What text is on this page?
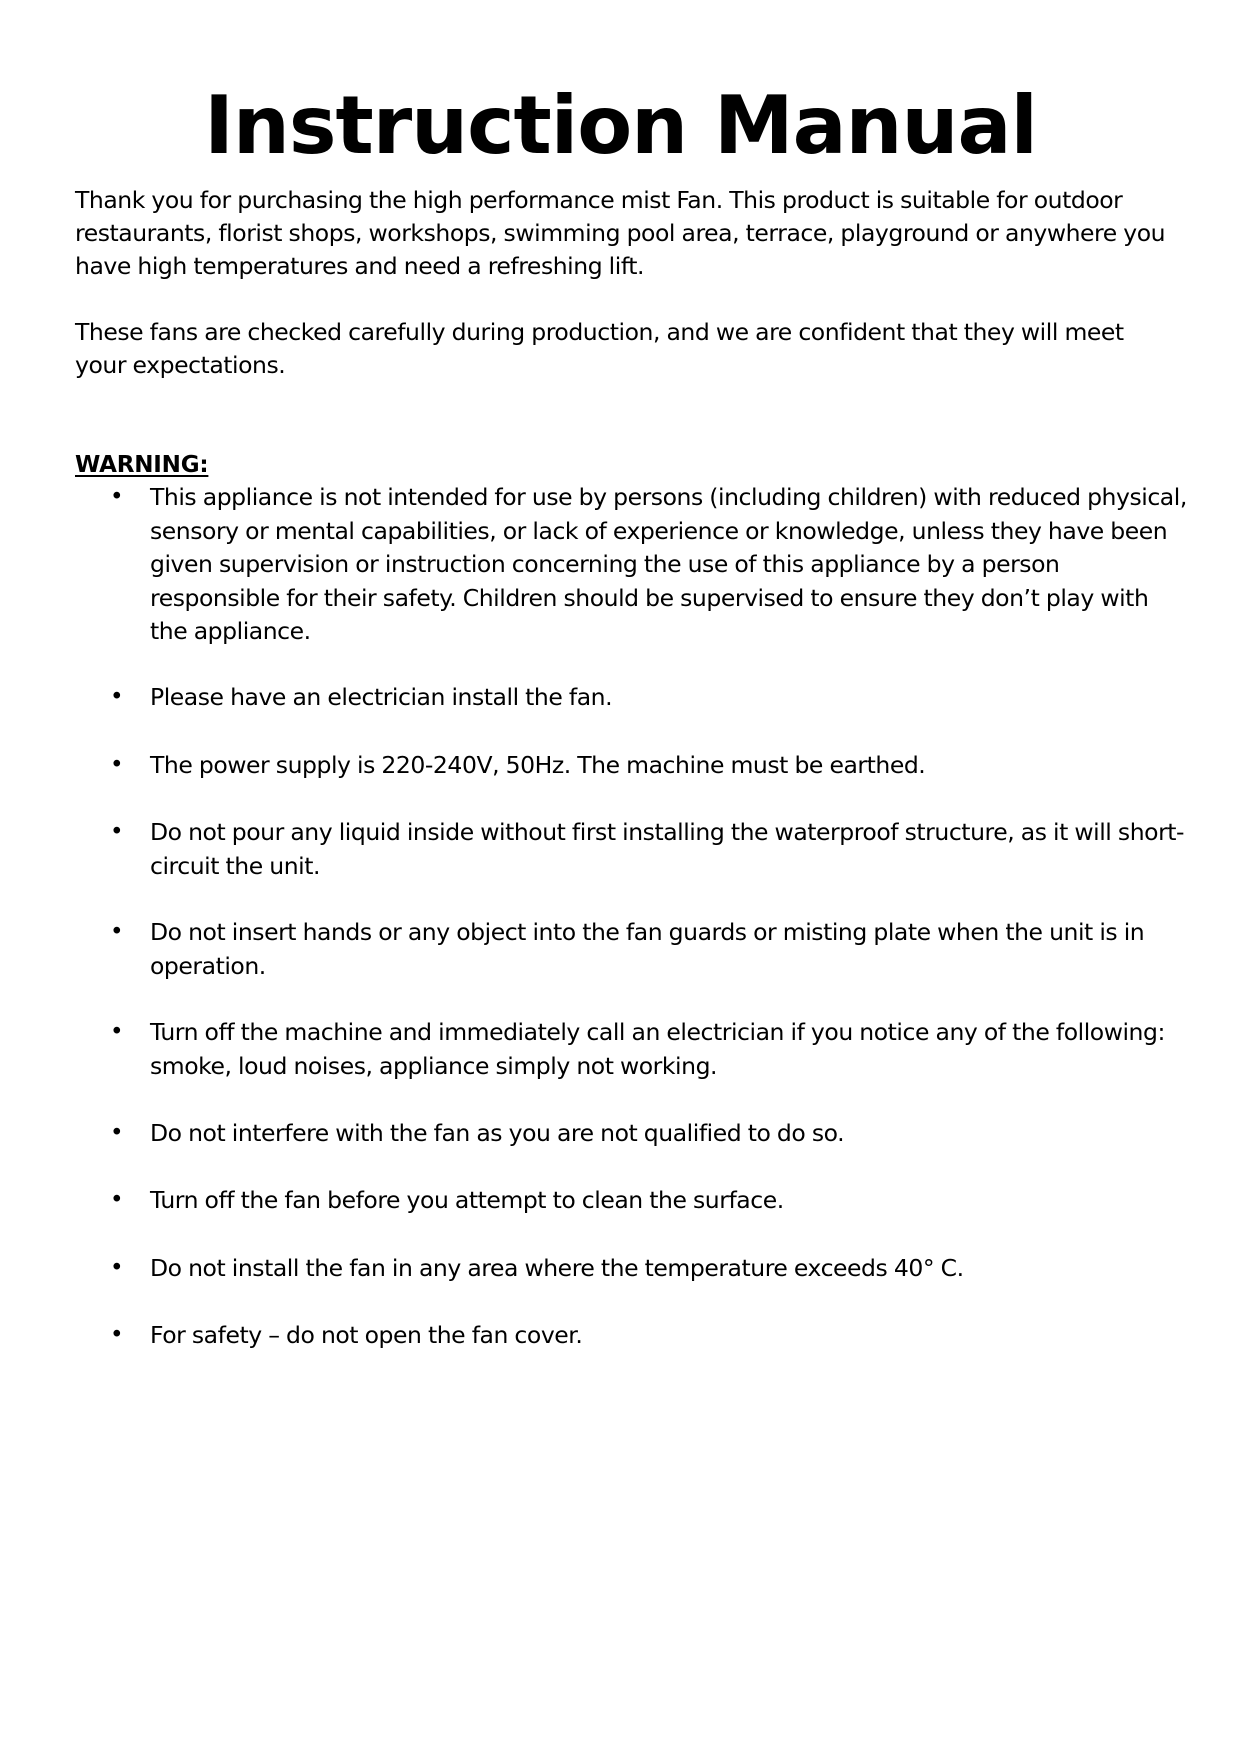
Instruction Manual

Thank you for purchasing the high performance mist Fan. This product is suitable for outdoor restaurants, florist shops, workshops, swimming pool area, terrace, playground or anywhere you have high temperatures and need a refreshing lift.

These fans are checked carefully during production, and we are confident that they will meet your expectations.

WARNING:

•	This appliance is not intended for use by persons (including children) with reduced physical, sensory or mental capabilities, or lack of experience or knowledge, unless they have been given supervision or instruction concerning the use of this appliance by a person responsible for their safety. Children should be supervised to ensure they don’t play with the appliance.
•	Please have an electrician install the fan.
•	The power supply is 220-240V, 50Hz. The machine must be earthed.
•	Do not pour any liquid inside without first installing the waterproof structure, as it will short-circuit the unit.
•	Do not insert hands or any object into the fan guards or misting plate when the unit is in operation.
•	Turn off the machine and immediately call an electrician if you notice any of the following: smoke, loud noises, appliance simply not working.
•	Do not interfere with the fan as you are not qualified to do so.
•	Turn off the fan before you attempt to clean the surface.
•	Do not install the fan in any area where the temperature exceeds 40° C.
•	For safety – do not open the fan cover.
